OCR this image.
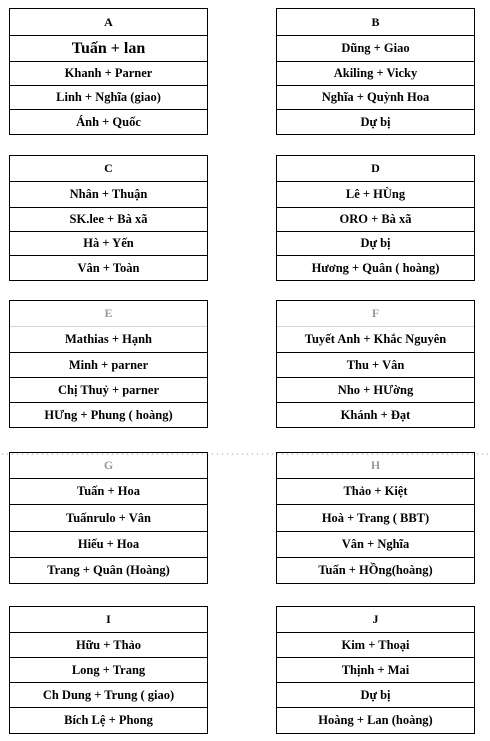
A
Tuấn + lan
Khanh + Parner
Linh + Nghĩa (giao)
Ánh + Quốc
B
Dũng + Giao
Akiling + Vicky
Nghĩa + Quỳnh Hoa
Dự bị
C
Nhân + Thuận
SK.lee + Bà xã
Hà + Yến
Vân + Toàn
D
Lê + HÙng
ORO + Bà xã
Dự bị
Hương + Quân ( hoàng)
E
Mathias + Hạnh
Minh + parner
Chị Thuỷ + parner
HƯng + Phung ( hoàng)
F
Tuyết Anh + Khắc Nguyên
Thu + Vân
Nho + HƯờng
Khánh + Đạt
G
Tuấn + Hoa
Tuấnrulo + Vân
Hiếu + Hoa
Trang + Quân (Hoàng)
H
Thảo + Kiệt
Hoà + Trang ( BBT)
Vân + Nghĩa
Tuấn + HỒng(hoàng)
I
Hữu + Thảo
Long + Trang
Ch Dung + Trung ( giao)
Bích Lệ + Phong
J
Kim + Thoại
Thịnh + Mai
Dự bị
Hoàng + Lan (hoàng)
